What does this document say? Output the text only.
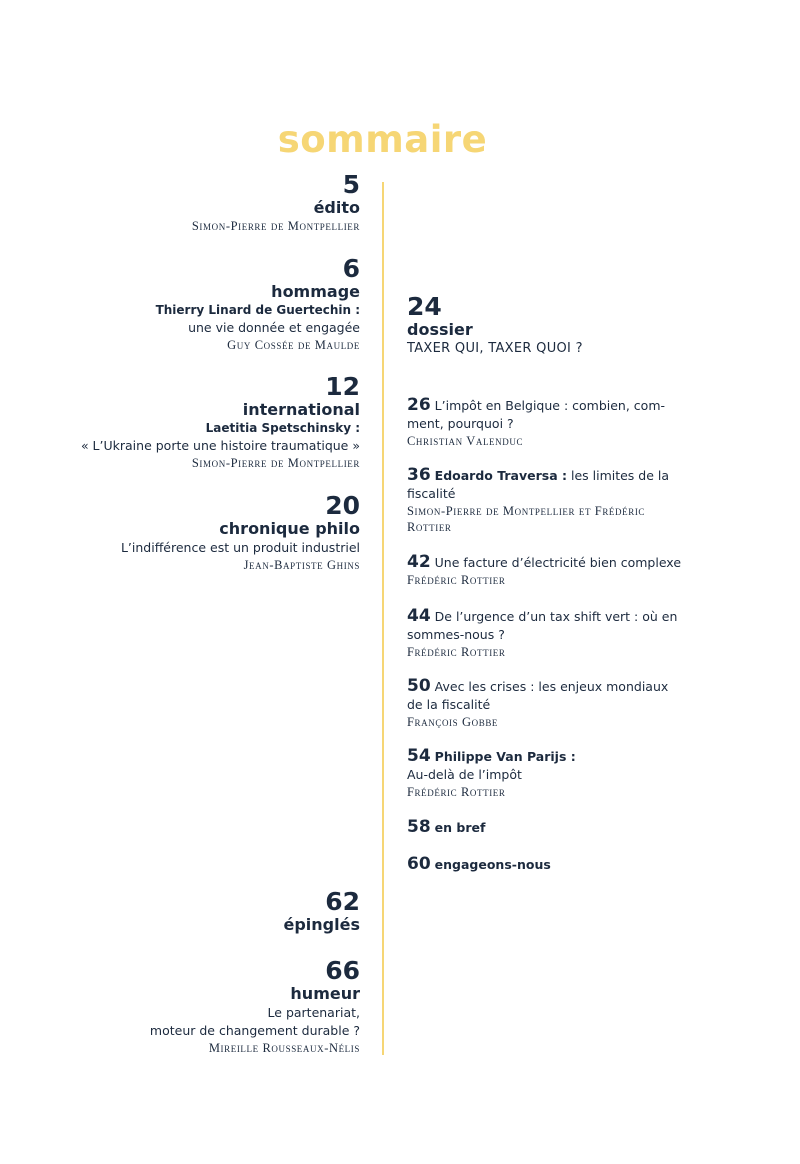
sommaire
5
édito
Simon-Pierre de Montpellier
6
hommage
Thierry Linard de Guertechin :
une vie donnée et engagée
Guy Cossée de Maulde
12
international
Laetitia Spetschinsky :
« L’Ukraine porte une histoire traumatique »
Simon-Pierre de Montpellier
20
chronique philo
L’indifférence est un produit industriel
Jean-Baptiste Ghins
62
épinglés
66
humeur
Le partenariat,
moteur de changement durable ?
Mireille Rousseaux-Nélis
24
dossier
TAXER QUI, TAXER QUOI ?
26 L’impôt en Belgique : combien, com-
ment, pourquoi ?
Christian Valenduc
36 Edoardo Traversa : les limites de la
fiscalité
Simon-Pierre de Montpellier et Frédéric
Rottier
42 Une facture d’électricité bien complexe
Frédéric Rottier
44 De l’urgence d’un tax shift vert : où en
sommes-nous ?
Frédéric Rottier
50 Avec les crises : les enjeux mondiaux
de la fiscalité
François Gobbe
54 Philippe Van Parijs :
Au-delà de l’impôt
Frédéric Rottier
58 en bref
60 engageons-nous
